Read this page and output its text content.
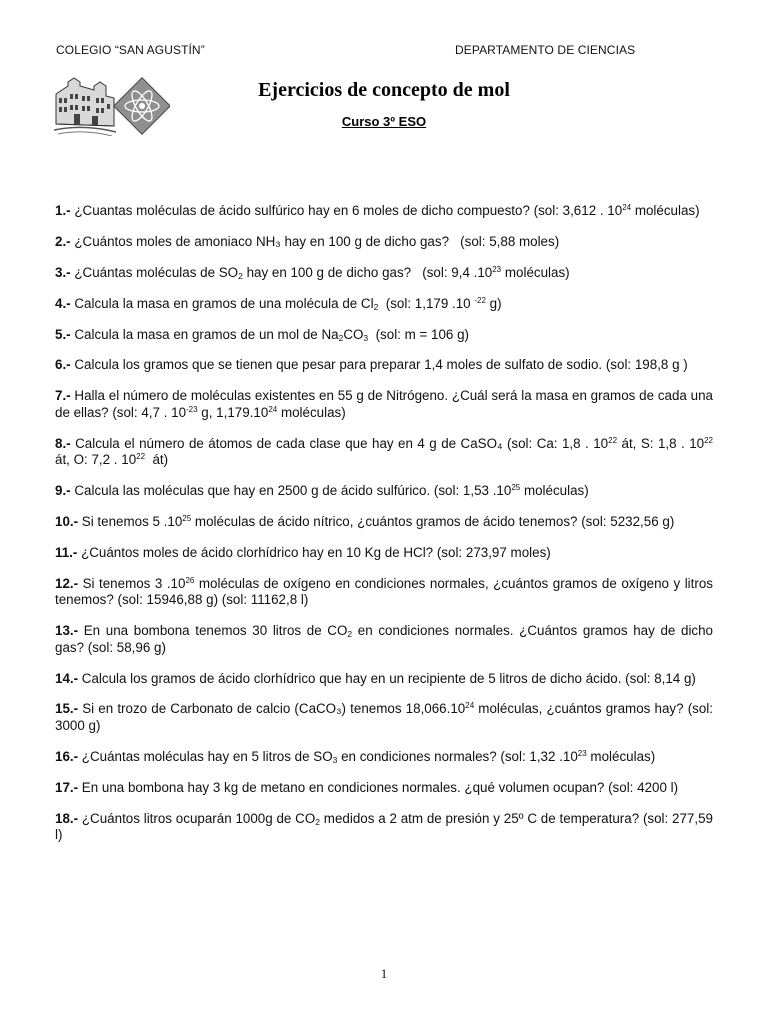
COLEGIO “SAN AGUSTÍN”	DEPARTAMENTO DE CIENCIAS
Ejercicios de concepto de mol
Curso 3º ESO

1.- ¿Cuantas moléculas de ácido sulfúrico hay en 6 moles de dicho compuesto? (sol: 3,612 . $10^{24}$ moléculas)

2.- ¿Cuántos moles de amoniaco NH₃ hay en 100 g de dicho gas?   (sol: 5,88 moles)

3.- ¿Cuántas moléculas de $SO_2$ hay en 100 g de dicho gas?   (sol: 9,4 $.10^{23}$ moléculas)

4.- Calcula la masa en gramos de una molécula de $Cl_2$  (sol: 1,179 .10 $^{-22}$ g)

5.- Calcula la masa en gramos de un mol de $Na_2CO_3$  (sol: m = 106 g)

6.- Calcula los gramos que se tienen que pesar para preparar 1,4 moles de sulfato de sodio. (sol: 198,8 g )

7.- Halla el número de moléculas existentes en 55 g de Nitrógeno. ¿Cuál será la masa en gramos de cada una de ellas? (sol: 4,7 . $10^{-23}$ g, 1,179.10$^{24}$ moléculas)

8.- Calcula el número de átomos de cada clase que hay en 4 g de CaSO₄ (sol: Ca: 1,8 . $10^{22}$ át, S: 1,8 . $10^{22}$ át, O: 7,2 . $10^{22}$  át)

9.- Calcula las moléculas que hay en 2500 g de ácido sulfúrico. (sol: 1,53 $.10^{25}$ moléculas)

10.- Si tenemos 5 $.10^{25}$ moléculas de ácido nítrico, ¿cuántos gramos de ácido tenemos? (sol: 5232,56 g)

11.- ¿Cuántos moles de ácido clorhídrico hay en 10 Kg de HCl? (sol: 273,97 moles)

12.- Si tenemos 3 $.10^{26}$ moléculas de oxígeno en condiciones normales, ¿cuántos gramos de oxígeno y litros tenemos? (sol: 15946,88 g) (sol: 11162,8 l)

13.- En una bombona tenemos 30 litros de $CO_2$ en condiciones normales. ¿Cuántos gramos hay de dicho gas? (sol: 58,96 g)

14.- Calcula los gramos de ácido clorhídrico que hay en un recipiente de 5 litros de dicho ácido. (sol: 8,14 g)

15.- Si en trozo de Carbonato de calcio (CaCO₃) tenemos 18,066.10$^{24}$ moléculas, ¿cuántos gramos hay? (sol: 3000 g)

16.- ¿Cuántas moléculas hay en 5 litros de $SO_3$ en condiciones normales? (sol: 1,32 $.10^{23}$ moléculas)

17.- En una bombona hay 3 kg de metano en condiciones normales. ¿qué volumen ocupan? (sol: 4200 l)

18.- ¿Cuántos litros ocuparán 1000g de $CO_2$ medidos a 2 atm de presión y 25º C de temperatura? (sol: 277,59 l)

1
